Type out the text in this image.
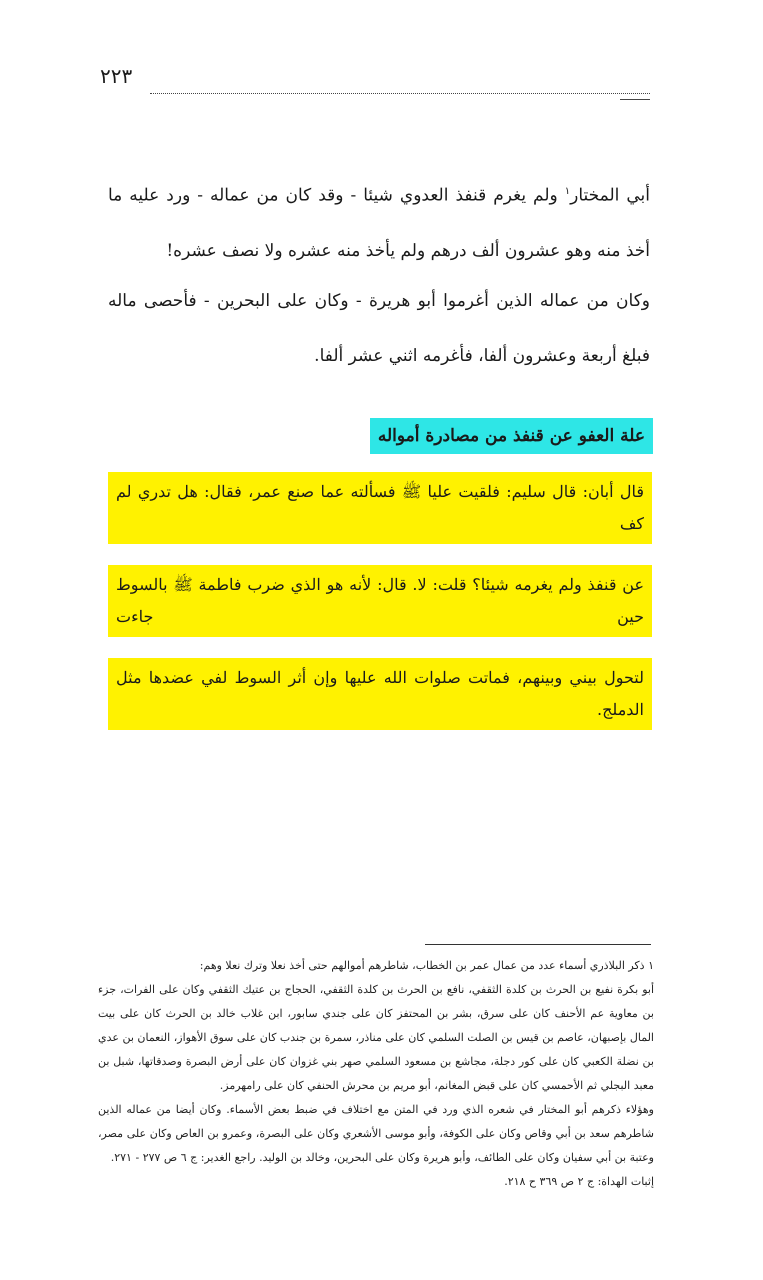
٢٢٣

أبي المختار$^١$ ولم يغرم قنفذ العدوي شيئا - وقد كان من عماله - ورد عليه ما أخذ منه وهو عشرون ألف درهم ولم يأخذ منه عشره ولا نصف عشره!

وكان من عماله الذين أغرموا أبو هريرة - وكان على البحرين - فأحصى ماله فبلغ أربعة وعشرون ألفا، فأغرمه اثني عشر ألفا.

علة العفو عن قنفذ من مصادرة أمواله
قال أبان: قال سليم: فلقيت عليا ﷺ فسألته عما صنع عمر، فقال: هل تدري لم كف
عن قنفذ ولم يغرمه شيئا؟ قلت: لا. قال: لأنه هو الذي ضرب فاطمة ﷺ بالسوط حين جاءت
لتحول بيني وبينهم، فماتت صلوات الله عليها وإن أثر السوط لفي عضدها مثل الدملج.

١ ذكر البلاذري أسماء عدد من عمال عمر بن الخطاب، شاطرهم أموالهم حتى أخذ نعلا وترك نعلا وهم:

أبو بكرة نفيع بن الحرث بن كلدة الثقفي، نافع بن الحرث بن كلدة الثقفي، الحجاج بن عتيك الثقفي وكان على الفرات، جزء بن معاوية عم الأحنف كان على سرق، بشر بن المحتفز كان على جندي سابور، ابن غلاب خالد بن الحرث كان على بيت المال بإصبهان، عاصم بن قيس بن الصلت السلمي كان على مناذر، سمرة بن جندب كان على سوق الأهواز، النعمان بن عدي بن نضلة الكعبي كان على كور دجلة، مجاشع بن مسعود السلمي صهر بني غزوان كان على أرض البصرة وصدقاتها، شبل بن معبد البجلي ثم الأحمسي كان على قبض المغانم، أبو مريم بن محرش الحنفي كان على رامهرمز.

وهؤلاء ذكرهم أبو المختار في شعره الذي ورد في المتن مع اختلاف في ضبط بعض الأسماء. وكان أيضا من عماله الذين شاطرهم سعد بن أبي وقاص وكان على الكوفة، وأبو موسى الأشعري وكان على البصرة، وعمرو بن العاص وكان على مصر، وعتبة بن أبي سفيان وكان على الطائف، وأبو هريرة وكان على البحرين، وخالد بن الوليد. راجع الغدير: ج ٦ ص ٢٧٧ - ٢٧١.

إثبات الهداة: ج ٢ ص ٣٦٩ ح ٢١٨.
